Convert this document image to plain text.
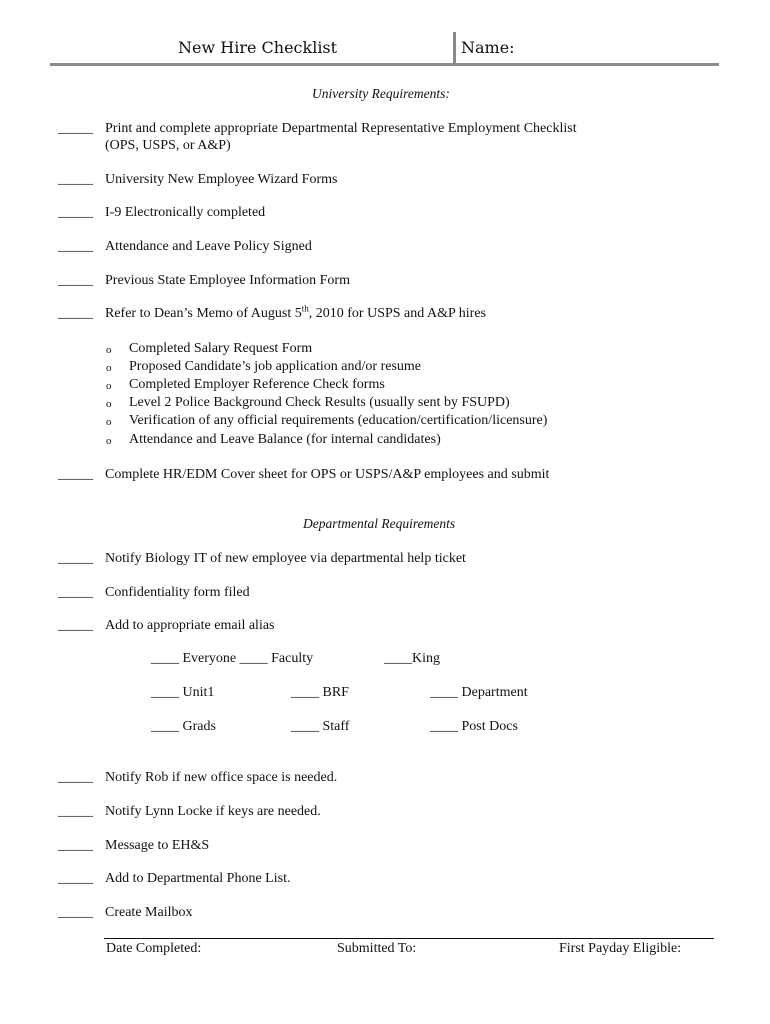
New Hire Checklist	Name:
University Requirements:
_____ Print and complete appropriate Departmental Representative Employment Checklist
(OPS, USPS, or A&P)
_____ University New Employee Wizard Forms
_____ I-9 Electronically completed
_____ Attendance and Leave Policy Signed
_____ Previous State Employee Information Form
_____ Refer to Dean’s Memo of August 5th, 2010 for USPS and A&P hires
o Completed Salary Request Form
o Proposed Candidate’s job application and/or resume
o Completed Employer Reference Check forms
o Level 2 Police Background Check Results (usually sent by FSUPD)
o Verification of any official requirements (education/certification/licensure)
o Attendance and Leave Balance (for internal candidates)
_____ Complete HR/EDM Cover sheet for OPS or USPS/A&P employees and submit
Departmental Requirements
_____ Notify Biology IT of new employee via departmental help ticket
_____ Confidentiality form filed
_____ Add to appropriate email alias
____ Everyone ____ Faculty	____King
____ Unit1	____ BRF	____ Department
____ Grads	____ Staff	____ Post Docs
_____ Notify Rob if new office space is needed.
_____ Notify Lynn Locke if keys are needed.
_____ Message to EH&S
_____ Add to Departmental Phone List.
_____ Create Mailbox
Date Completed:	Submitted To:	First Payday Eligible:
